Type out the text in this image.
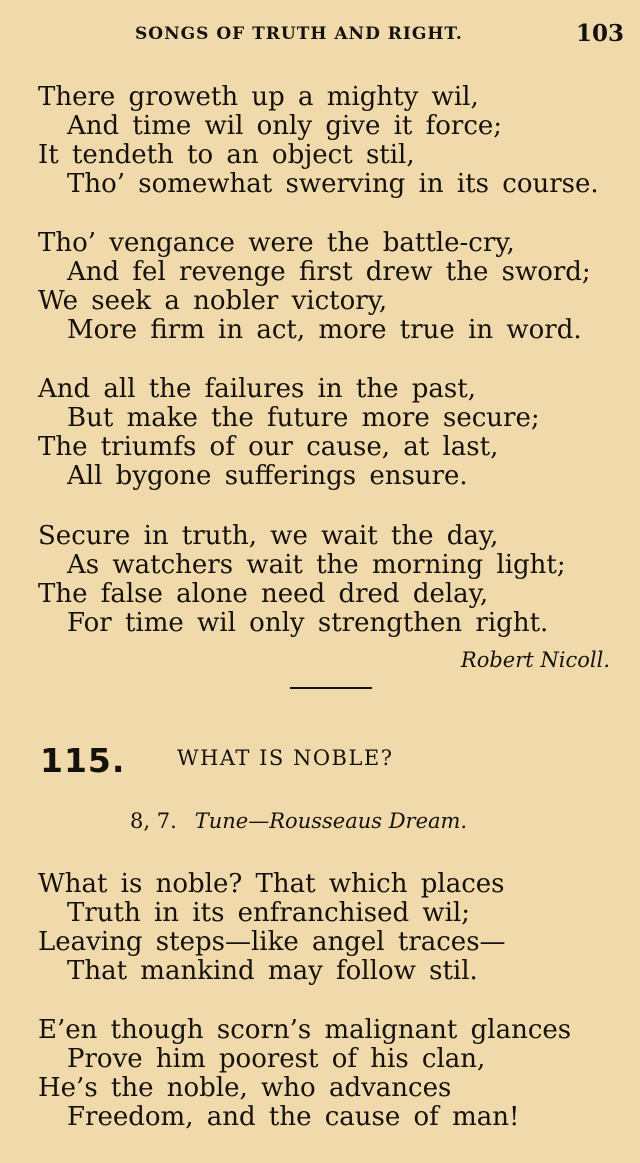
SONGS OF TRUTH AND RIGHT.	103
There groweth up a mighty wil,
And time wil only give it force;
It tendeth to an object stil,
Tho’ somewhat swerving in its course.
Tho’ vengance were the battle-cry,
And fel revenge first drew the sword;
We seek a nobler victory,
More firm in act, more true in word.
And all the failures in the past,
But make the future more secure;
The triumfs of our cause, at last,
All bygone sufferings ensure.
Secure in truth, we wait the day,
As watchers wait the morning light;
The false alone need dred delay,
For time wil only strengthen right.
Robert Nicoll.
115. WHAT IS NOBLE?
8, 7. Tune—Rousseaus Dream.
What is noble? That which places
Truth in its enfranchised wil;
Leaving steps—like angel traces—
That mankind may follow stil.
E’en though scorn’s malignant glances
Prove him poorest of his clan,
He’s the noble, who advances
Freedom, and the cause of man!
